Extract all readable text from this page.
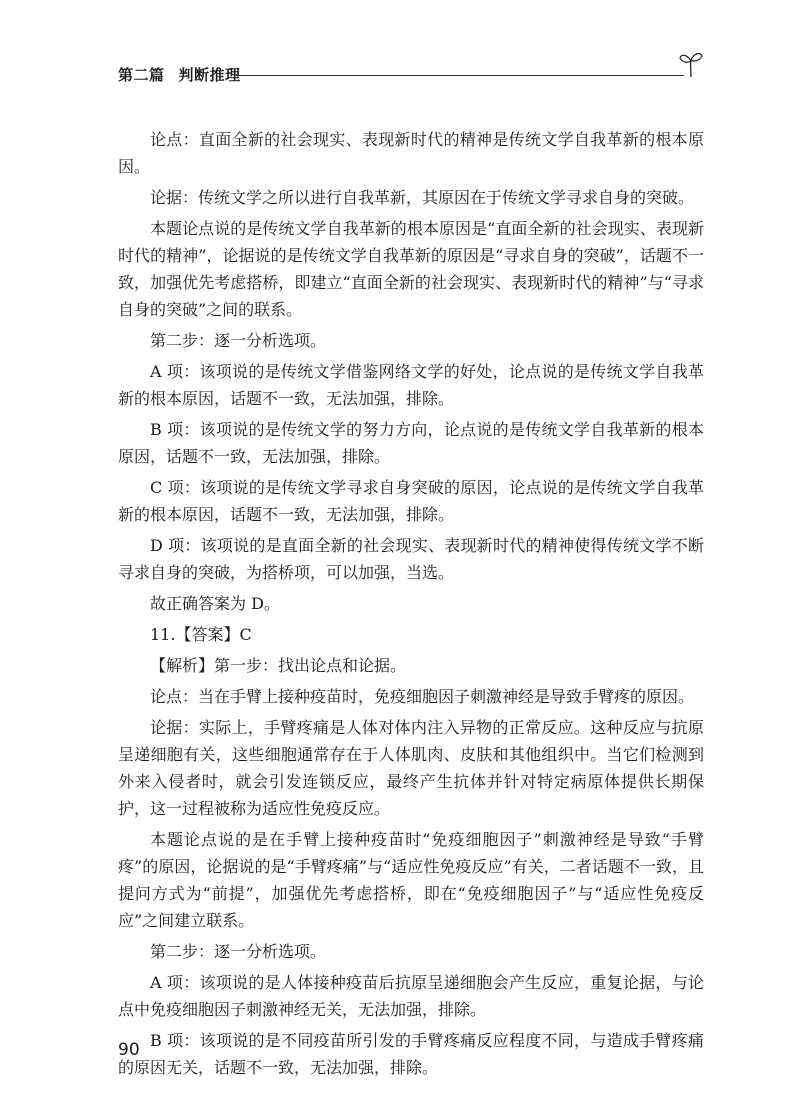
第二篇 判断推理

论点：直面全新的社会现实、表现新时代的精神是传统文学自我革新的根本原因。

论据：传统文学之所以进行自我革新，其原因在于传统文学寻求自身的突破。

本题论点说的是传统文学自我革新的根本原因是“直面全新的社会现实、表现新时代的精神”，论据说的是传统文学自我革新的原因是“寻求自身的突破”，话题不一致，加强优先考虑搭桥，即建立“直面全新的社会现实、表现新时代的精神”与“寻求自身的突破”之间的联系。

第二步：逐一分析选项。

A 项：该项说的是传统文学借鉴网络文学的好处，论点说的是传统文学自我革新的根本原因，话题不一致，无法加强，排除。

B 项：该项说的是传统文学的努力方向，论点说的是传统文学自我革新的根本原因，话题不一致，无法加强，排除。

C 项：该项说的是传统文学寻求自身突破的原因，论点说的是传统文学自我革新的根本原因，话题不一致，无法加强，排除。

D 项：该项说的是直面全新的社会现实、表现新时代的精神使得传统文学不断寻求自身的突破，为搭桥项，可以加强，当选。

故正确答案为 D。

11.【答案】C

【解析】第一步：找出论点和论据。

论点：当在手臂上接种疫苗时，免疫细胞因子刺激神经是导致手臂疼的原因。

论据：实际上，手臂疼痛是人体对体内注入异物的正常反应。这种反应与抗原呈递细胞有关，这些细胞通常存在于人体肌肉、皮肤和其他组织中。当它们检测到外来入侵者时，就会引发连锁反应，最终产生抗体并针对特定病原体提供长期保护，这一过程被称为适应性免疫反应。

本题论点说的是在手臂上接种疫苗时“免疫细胞因子”刺激神经是导致“手臂疼”的原因，论据说的是“手臂疼痛”与“适应性免疫反应”有关，二者话题不一致，且提问方式为“前提”，加强优先考虑搭桥，即在“免疫细胞因子”与“适应性免疫反应”之间建立联系。

第二步：逐一分析选项。

A 项：该项说的是人体接种疫苗后抗原呈递细胞会产生反应，重复论据，与论点中免疫细胞因子刺激神经无关，无法加强，排除。

B 项：该项说的是不同疫苗所引发的手臂疼痛反应程度不同，与造成手臂疼痛的原因无关，话题不一致，无法加强，排除。

90
